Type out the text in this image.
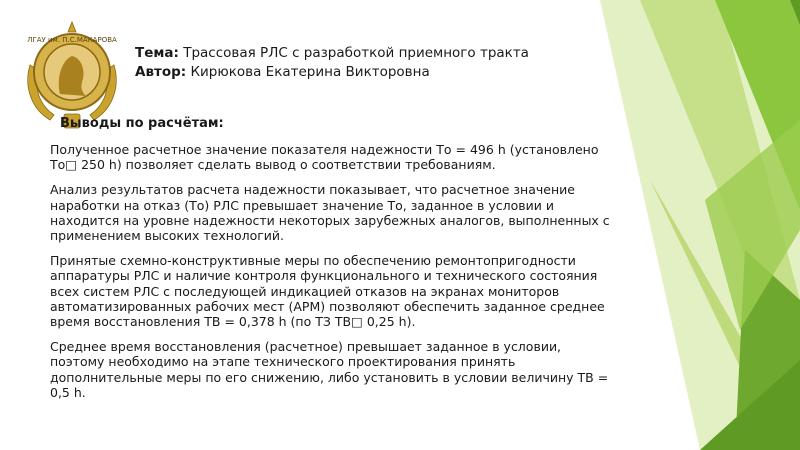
ЛГАУ им. П.С.МАКАРОВА
Тема: Трассовая РЛС с разработкой приемного тракта
Автор: Кирюкова Екатерина Викторовна
Выводы по расчётам:

Полученное расчетное значение показателя надежности То = 496 h (установлено То□ 250 h) позволяет сделать вывод о соответствии требованиям.

Анализ результатов расчета надежности показывает, что расчетное значение наработки на отказ (То) РЛС превышает значение То, заданное в условии и находится на уровне надежности некоторых зарубежных аналогов, выполненных с применением высоких технологий.

Принятые схемно-конструктивные меры по обеспечению ремонтопригодности аппаратуры РЛС и наличие контроля функционального и технического состояния всех систем РЛС с последующей индикацией отказов на экранах мониторов автоматизированных рабочих мест (АРМ) позволяют обеспечить заданное среднее время восстановления ТВ = 0,378 h (по ТЗ ТВ□ 0,25 h).

Среднее время восстановления (расчетное) превышает заданное в условии, поэтому необходимо на этапе технического проектирования принять дополнительные меры по его снижению, либо установить в условии величину ТВ = 0,5 h.
